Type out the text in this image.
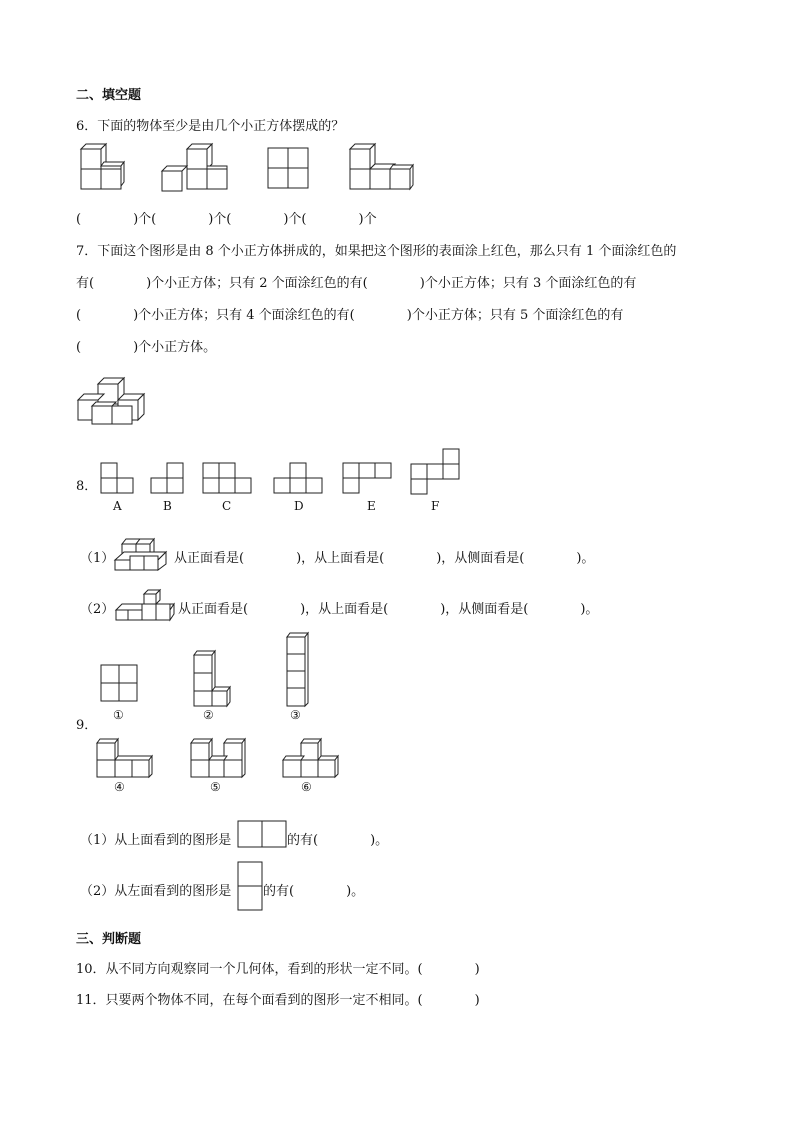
二、填空题
6．下面的物体至少是由几个小正方体摆成的？
(　　　　)个(　　　　)个(　　　　)个(　　　　)个
7．下面这个图形是由 8 个小正方体拼成的，如果把这个图形的表面涂上红色，那么只有 1 个面涂红色的
有(　　　　)个小正方体；只有 2 个面涂红色的有(　　　　)个小正方体；只有 3 个面涂红色的有
(　　　　)个小正方体；只有 4 个面涂红色的有(　　　　)个小正方体；只有 5 个面涂红色的有
(　　　　)个小正方体。
8．
A	B	C	D	E	F
（1）	从正面看是(　　　　)，从上面看是(　　　　)，从侧面看是(　　　　)。
（2）	从正面看是(　　　　)，从上面看是(　　　　)，从侧面看是(　　　　)。
9．
①	②	③
④	⑤	⑥
（1）从上面看到的图形是	的有(　　　　)。
（2）从左面看到的图形是 的有(　　　　)。
三、判断题
10．从不同方向观察同一个几何体，看到的形状一定不同。(　　　　)
11．只要两个物体不同，在每个面看到的图形一定不相同。(　　　　)
